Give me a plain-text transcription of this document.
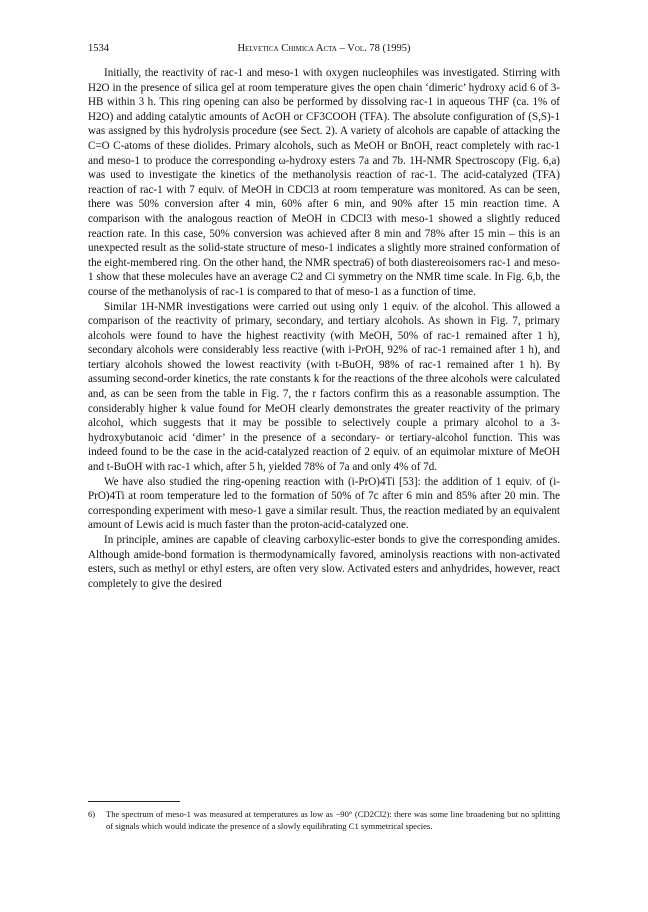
1534	Helvetica Chimica Acta – Vol. 78 (1995)

Initially, the reactivity of rac-1 and meso-1 with oxygen nucleophiles was investigated. Stirring with H2O in the presence of silica gel at room temperature gives the open chain ‘dimeric’ hydroxy acid 6 of 3-HB within 3 h. This ring opening can also be performed by dissolving rac-1 in aqueous THF (ca. 1% of H2O) and adding catalytic amounts of AcOH or CF3COOH (TFA). The absolute configuration of (S,S)-1 was assigned by this hydrolysis procedure (see Sect. 2). A variety of alcohols are capable of attacking the C=O C-atoms of these diolides. Primary alcohols, such as MeOH or BnOH, react completely with rac-1 and meso-1 to produce the corresponding ω-hydroxy esters 7a and 7b. 1H-NMR Spectroscopy (Fig. 6,a) was used to investigate the kinetics of the methanolysis reaction of rac-1. The acid-catalyzed (TFA) reaction of rac-1 with 7 equiv. of MeOH in CDCl3 at room temperature was monitored. As can be seen, there was 50% conversion after 4 min, 60% after 6 min, and 90% after 15 min reaction time. A comparison with the analogous reaction of MeOH in CDCl3 with meso-1 showed a slightly reduced reaction rate. In this case, 50% conversion was achieved after 8 min and 78% after 15 min – this is an unexpected result as the solid-state structure of meso-1 indicates a slightly more strained conformation of the eight-membered ring. On the other hand, the NMR spectra6) of both diastereoisomers rac-1 and meso-1 show that these molecules have an average C2 and Ci symmetry on the NMR time scale. In Fig. 6,b, the course of the methanolysis of rac-1 is compared to that of meso-1 as a function of time.

Similar 1H-NMR investigations were carried out using only 1 equiv. of the alcohol. This allowed a comparison of the reactivity of primary, secondary, and tertiary alcohols. As shown in Fig. 7, primary alcohols were found to have the highest reactivity (with MeOH, 50% of rac-1 remained after 1 h), secondary alcohols were considerably less reactive (with i-PrOH, 92% of rac-1 remained after 1 h), and tertiary alcohols showed the lowest reactivity (with t-BuOH, 98% of rac-1 remained after 1 h). By assuming second-order kinetics, the rate constants k for the reactions of the three alcohols were calculated and, as can be seen from the table in Fig. 7, the r factors confirm this as a reasonable assumption. The considerably higher k value found for MeOH clearly demonstrates the greater reactivity of the primary alcohol, which suggests that it may be possible to selectively couple a primary alcohol to a 3-hydroxybutanoic acid ‘dimer’ in the presence of a secondary- or tertiary-alcohol function. This was indeed found to be the case in the acid-catalyzed reaction of 2 equiv. of an equimolar mixture of MeOH and t-BuOH with rac-1 which, after 5 h, yielded 78% of 7a and only 4% of 7d.

We have also studied the ring-opening reaction with (i-PrO)4Ti [53]: the addition of 1 equiv. of (i-PrO)4Ti at room temperature led to the formation of 50% of 7c after 6 min and 85% after 20 min. The corresponding experiment with meso-1 gave a similar result. Thus, the reaction mediated by an equivalent amount of Lewis acid is much faster than the proton-acid-catalyzed one.

In principle, amines are capable of cleaving carboxylic-ester bonds to give the corresponding amides. Although amide-bond formation is thermodynamically favored, aminolysis reactions with non-activated esters, such as methyl or ethyl esters, are often very slow. Activated esters and anhydrides, however, react completely to give the desired

6) The spectrum of meso-1 was measured at temperatures as low as −90° (CD2Cl2): there was some line broadening but no splitting of signals which would indicate the presence of a slowly equilibrating C1 symmetrical species.
